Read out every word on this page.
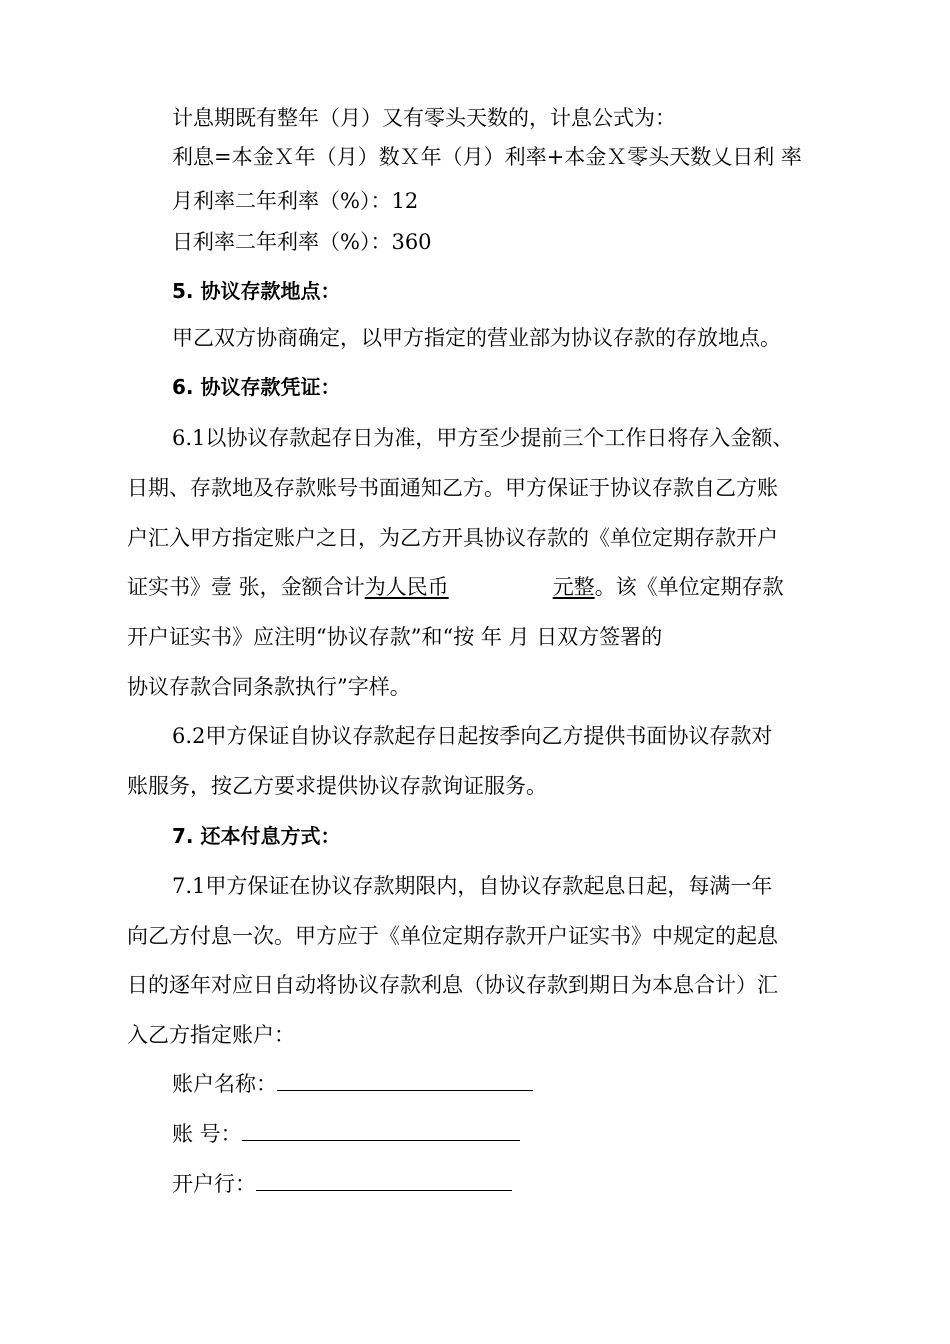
计息期既有整年（月）又有零头天数的，计息公式为：
利息=本金Ｘ年（月）数Ｘ年（月）利率+本金Ｘ零头天数乂日利 率
月利率二年利率（%）：12
日利率二年利率（%）：360
5. 协议存款地点：
甲乙双方协商确定，以甲方指定的营业部为协议存款的存放地点。
6. 协议存款凭证：
6.1以协议存款起存日为准，甲方至少提前三个工作日将存入金额、
日期、存款地及存款账号书面通知乙方。甲方保证于协议存款自乙方账
户汇入甲方指定账户之日，为乙方开具协议存款的《单位定期存款开户
证实书》壹 张，金额合计为人民币	元整。该《单位定期存款
开户证实书》应注明“协议存款”和“按 年 月 日双方签署的
协议存款合同条款执行”字样。
6.2甲方保证自协议存款起存日起按季向乙方提供书面协议存款对
账服务，按乙方要求提供协议存款询证服务。
7. 还本付息方式：
7.1甲方保证在协议存款期限内，自协议存款起息日起，每满一年
向乙方付息一次。甲方应于《单位定期存款开户证实书》中规定的起息
日的逐年对应日自动将协议存款利息（协议存款到期日为本息合计）汇
入乙方指定账户：
账户名称：
账 号：
开户行：
